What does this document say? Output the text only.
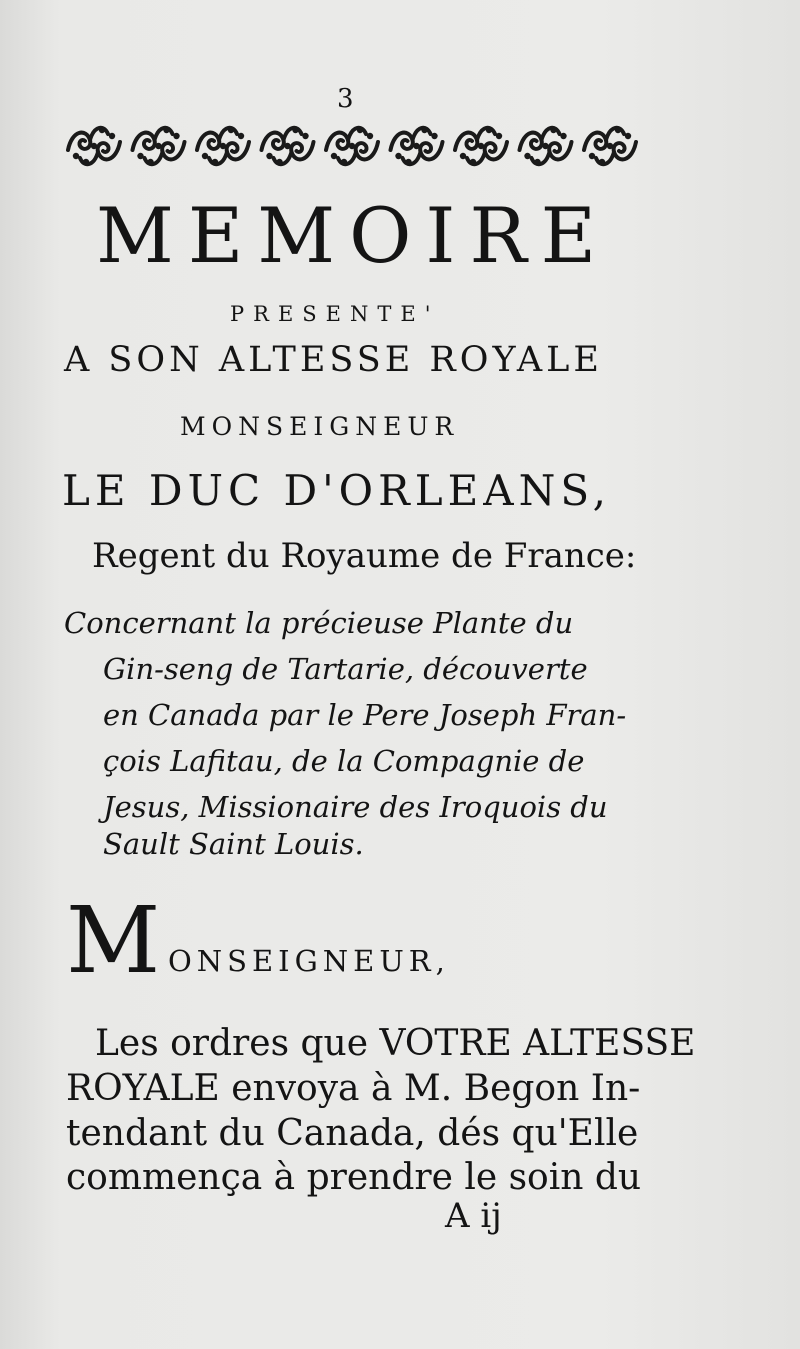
3
MEMOIRE
PRESENTE'
A SON ALTESSE ROYALE
MONSEIGNEUR
LE DUC D'ORLEANS,
Regent du Royaume de France:
Concernant la précieuse Plante du
Gin-seng de Tartarie, découverte
en Canada par le Pere Joseph Fran-
çois Lafitau, de la Compagnie de
Jesus, Missionaire des Iroquois du
Sault Saint Louis.
M ONSEIGNEUR,
Les ordres que VOTRE ALTESSE
ROYALE envoya à M. Begon In-
tendant du Canada, dés qu'Elle
commença à prendre le soin du
A ij
